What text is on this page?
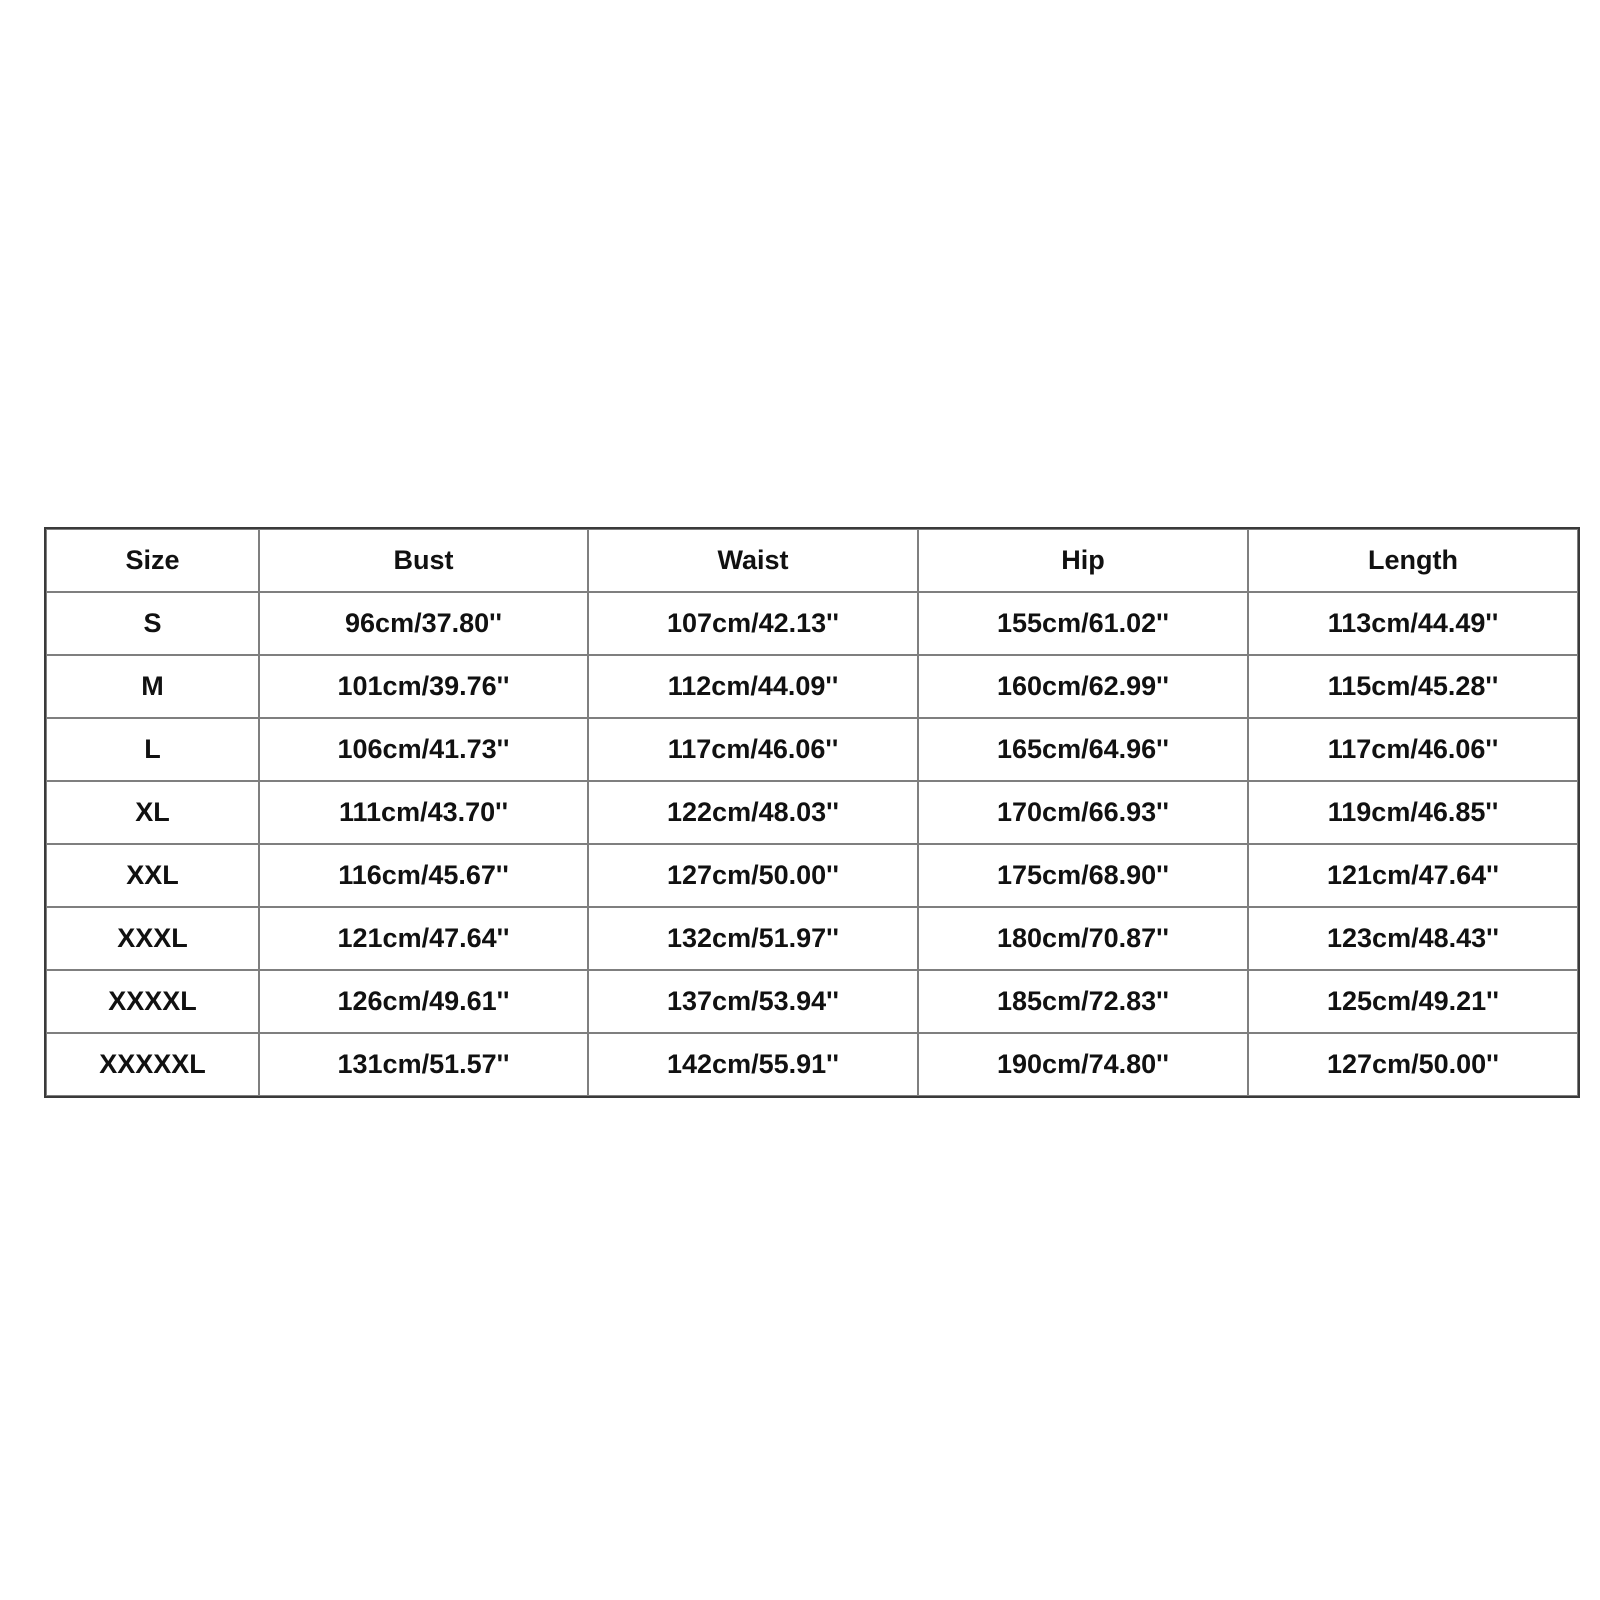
Size	Bust	Waist	Hip	Length
S	96cm/37.80''	107cm/42.13''	155cm/61.02''	113cm/44.49''
M	101cm/39.76''	112cm/44.09''	160cm/62.99''	115cm/45.28''
L	106cm/41.73''	117cm/46.06''	165cm/64.96''	117cm/46.06''
XL	111cm/43.70''	122cm/48.03''	170cm/66.93''	119cm/46.85''
XXL	116cm/45.67''	127cm/50.00''	175cm/68.90''	121cm/47.64''
XXXL	121cm/47.64''	132cm/51.97''	180cm/70.87''	123cm/48.43''
XXXXL	126cm/49.61''	137cm/53.94''	185cm/72.83''	125cm/49.21''
XXXXXL	131cm/51.57''	142cm/55.91''	190cm/74.80''	127cm/50.00''
